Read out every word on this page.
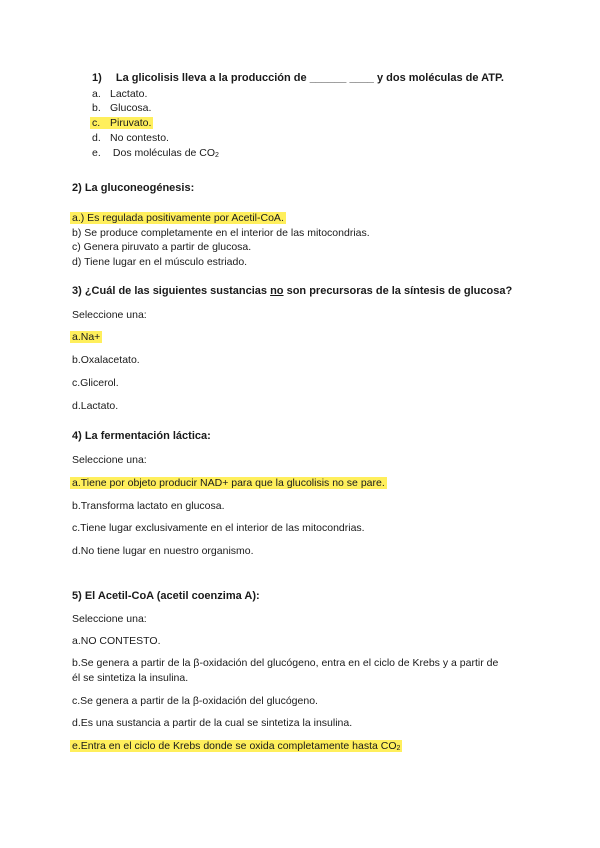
1) La glicolisis lleva a la producción de ______ ____ y dos moléculas de ATP.
a. Lactato.
b. Glucosa.
c. Piruvato.
d. No contesto.
e. Dos moléculas de $CO_2$
2) La gluconeogénesis:
a.) Es regulada positivamente por Acetil-CoA.
b) Se produce completamente en el interior de las mitocondrias.
c) Genera piruvato a partir de glucosa.
d) Tiene lugar en el músculo estriado.
3) ¿Cuál de las siguientes sustancias no son precursoras de la síntesis de glucosa?
Seleccione una:
a.Na+
b.Oxalacetato.
c.Glicerol.
d.Lactato.
4) La fermentación láctica:
Seleccione una:
a.Tiene por objeto producir NAD+ para que la glucolisis no se pare.
b.Transforma lactato en glucosa.
c.Tiene lugar exclusivamente en el interior de las mitocondrias.
d.No tiene lugar en nuestro organismo.
5) El Acetil-CoA (acetil coenzima A):
Seleccione una:
a.NO CONTESTO.
b.Se genera a partir de la β-oxidación del glucógeno, entra en el ciclo de Krebs y a partir de
él se sintetiza la insulina.
c.Se genera a partir de la β-oxidación del glucógeno.
d.Es una sustancia a partir de la cual se sintetiza la insulina.
e.Entra en el ciclo de Krebs donde se oxida completamente hasta $CO_2$
